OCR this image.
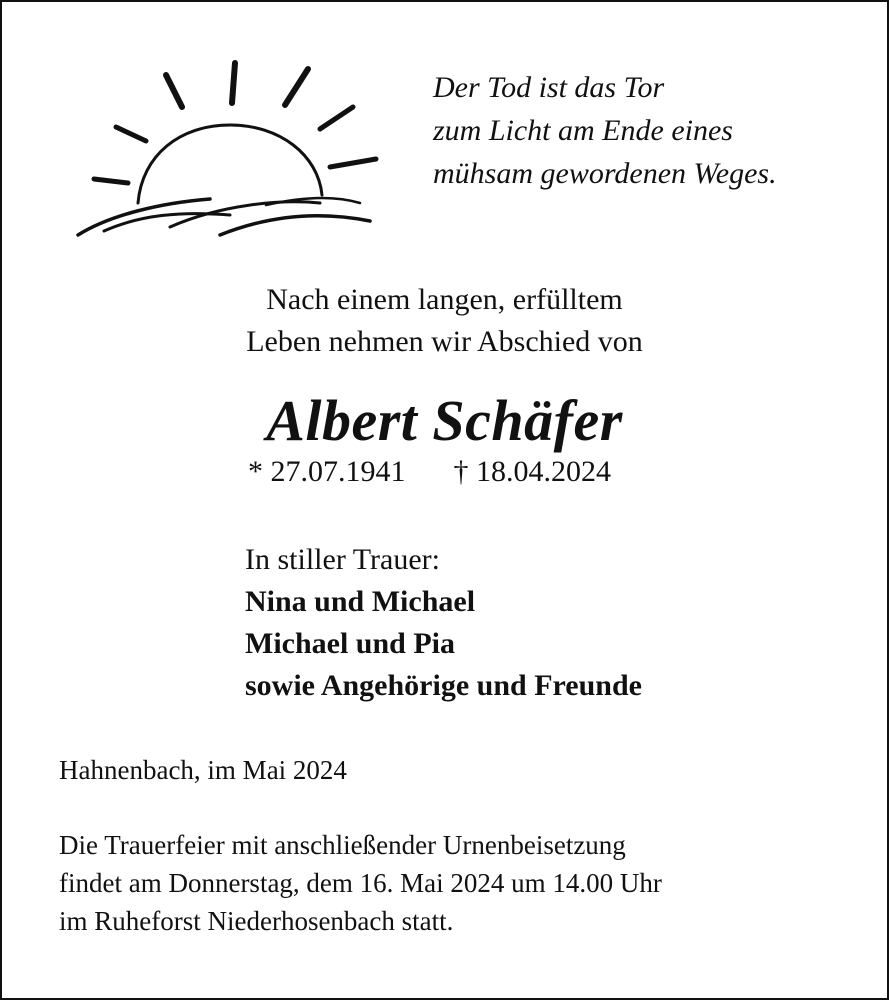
Der Tod ist das Tor
zum Licht am Ende eines
mühsam gewordenen Weges.
Nach einem langen, erfülltem
Leben nehmen wir Abschied von
Albert Schäfer
* 27.07.1941 † 18.04.2024
In stiller Trauer:
Nina und Michael
Michael und Pia
sowie Angehörige und Freunde
Hahnenbach, im Mai 2024
Die Trauerfeier mit anschließender Urnenbeisetzung
findet am Donnerstag, dem 16. Mai 2024 um 14.00 Uhr
im Ruheforst Niederhosenbach statt.
